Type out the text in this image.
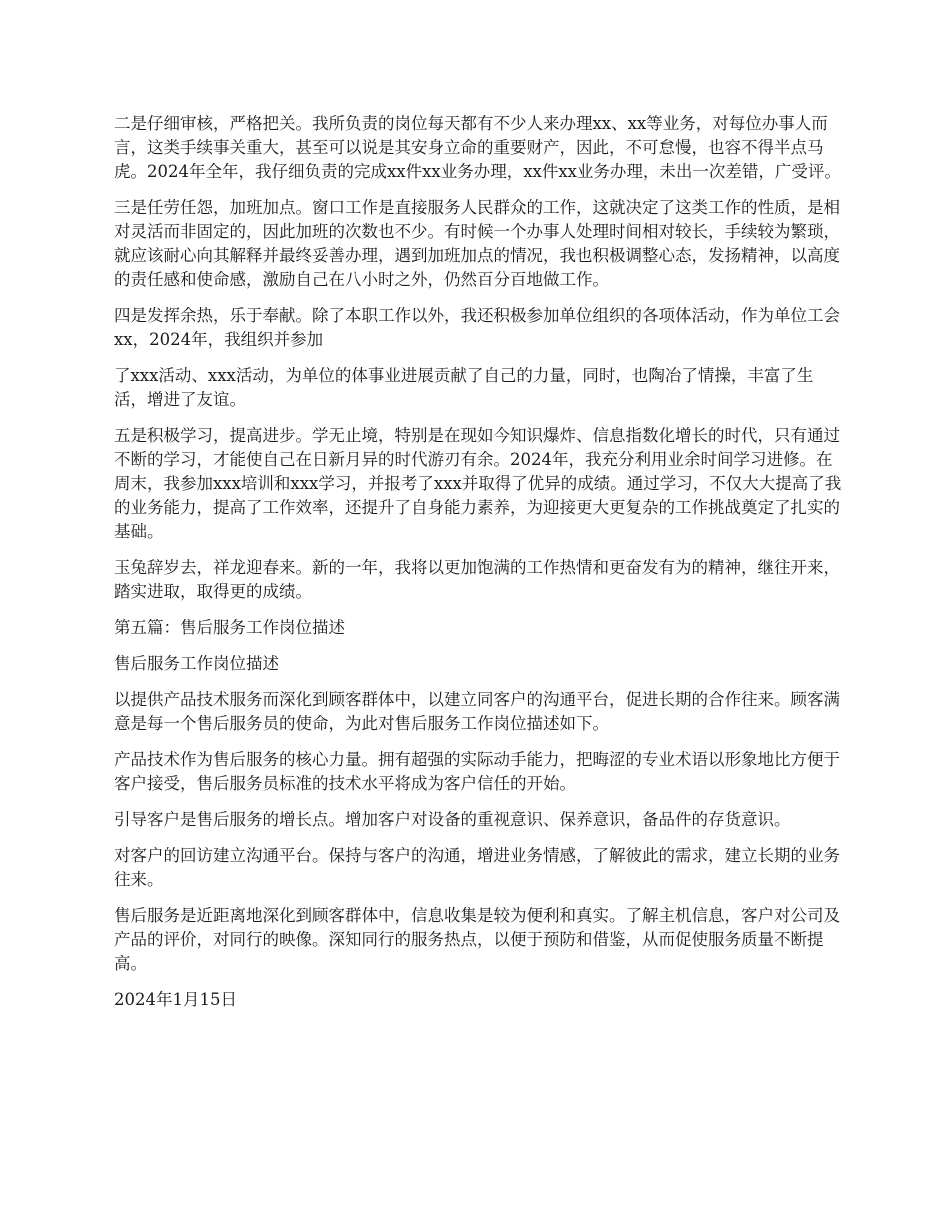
二是仔细审核，严格把关。我所负责的岗位每天都有不少人来办理xx、xx等业务，对每位办事人而言，这类手续事关重大，甚至可以说是其安身立命的重要财产，因此，不可怠慢，也容不得半点马虎。2024年全年，我仔细负责的完成xx件xx业务办理，xx件xx业务办理，未出一次差错，广受评。

三是任劳任怨，加班加点。窗口工作是直接服务人民群众的工作，这就决定了这类工作的性质，是相对灵活而非固定的，因此加班的次数也不少。有时候一个办事人处理时间相对较长，手续较为繁琐，就应该耐心向其解释并最终妥善办理，遇到加班加点的情况，我也积极调整心态，发扬精神，以高度的责任感和使命感，激励自己在八小时之外，仍然百分百地做工作。

四是发挥余热，乐于奉献。除了本职工作以外，我还积极参加单位组织的各项体活动，作为单位工会xx，2024年，我组织并参加

了xxx活动、xxx活动，为单位的体事业进展贡献了自己的力量，同时，也陶冶了情操，丰富了生活，增进了友谊。

五是积极学习，提高进步。学无止境，特别是在现如今知识爆炸、信息指数化增长的时代，只有通过不断的学习，才能使自己在日新月异的时代游刃有余。2024年，我充分利用业余时间学习进修。在周末，我参加xxx培训和xxx学习，并报考了xxx并取得了优异的成绩。通过学习，不仅大大提高了我的业务能力，提高了工作效率，还提升了自身能力素养，为迎接更大更复杂的工作挑战奠定了扎实的基础。

玉兔辞岁去，祥龙迎春来。新的一年，我将以更加饱满的工作热情和更奋发有为的精神，继往开来，踏实进取，取得更的成绩。

第五篇：售后服务工作岗位描述

售后服务工作岗位描述

以提供产品技术服务而深化到顾客群体中，以建立同客户的沟通平台，促进长期的合作往来。顾客满意是每一个售后服务员的使命，为此对售后服务工作岗位描述如下。

产品技术作为售后服务的核心力量。拥有超强的实际动手能力，把晦涩的专业术语以形象地比方便于客户接受，售后服务员标准的技术水平将成为客户信任的开始。

引导客户是售后服务的增长点。增加客户对设备的重视意识、保养意识，备品件的存货意识。

对客户的回访建立沟通平台。保持与客户的沟通，增进业务情感，了解彼此的需求，建立长期的业务往来。

售后服务是近距离地深化到顾客群体中，信息收集是较为便利和真实。了解主机信息，客户对公司及产品的评价，对同行的映像。深知同行的服务热点，以便于预防和借鉴，从而促使服务质量不断提高。

2024年1月15日
